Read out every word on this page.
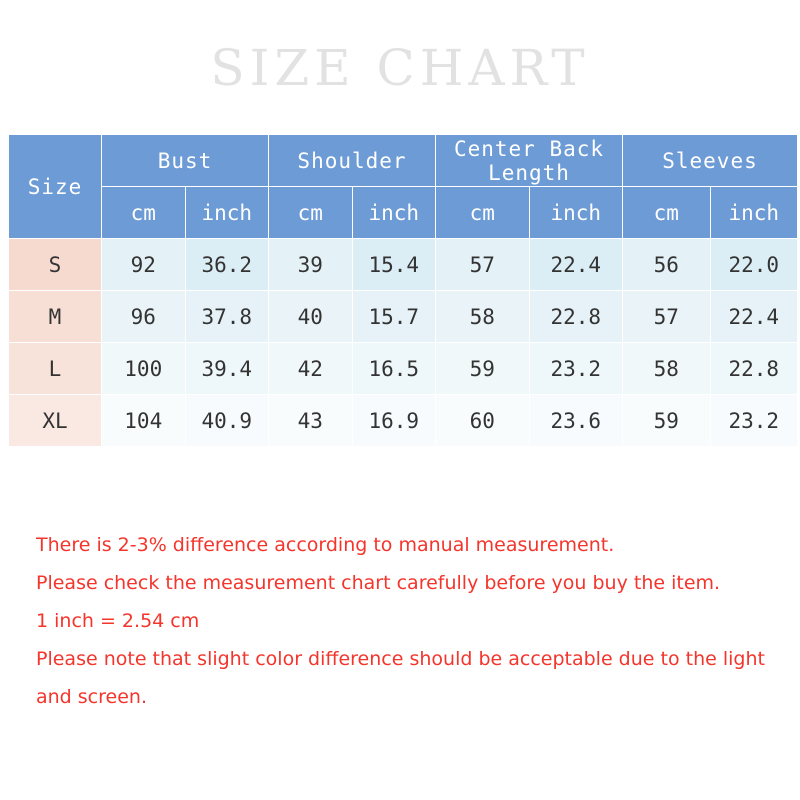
SIZE CHART
Size	Bust		Shoulder		Center Back Length		Sleeves	
	cm	inch	cm	inch	cm	inch	cm	inch
S	92	36.2	39	15.4	57	22.4	56	22.0
M	96	37.8	40	15.7	58	22.8	57	22.4
L	100	39.4	42	16.5	59	23.2	58	22.8
XL	104	40.9	43	16.9	60	23.6	59	23.2
There is 2-3% difference according to manual measurement.
Please check the measurement chart carefully before you buy the item.
1 inch = 2.54 cm
Please note that slight color difference should be acceptable due to the light and screen.
